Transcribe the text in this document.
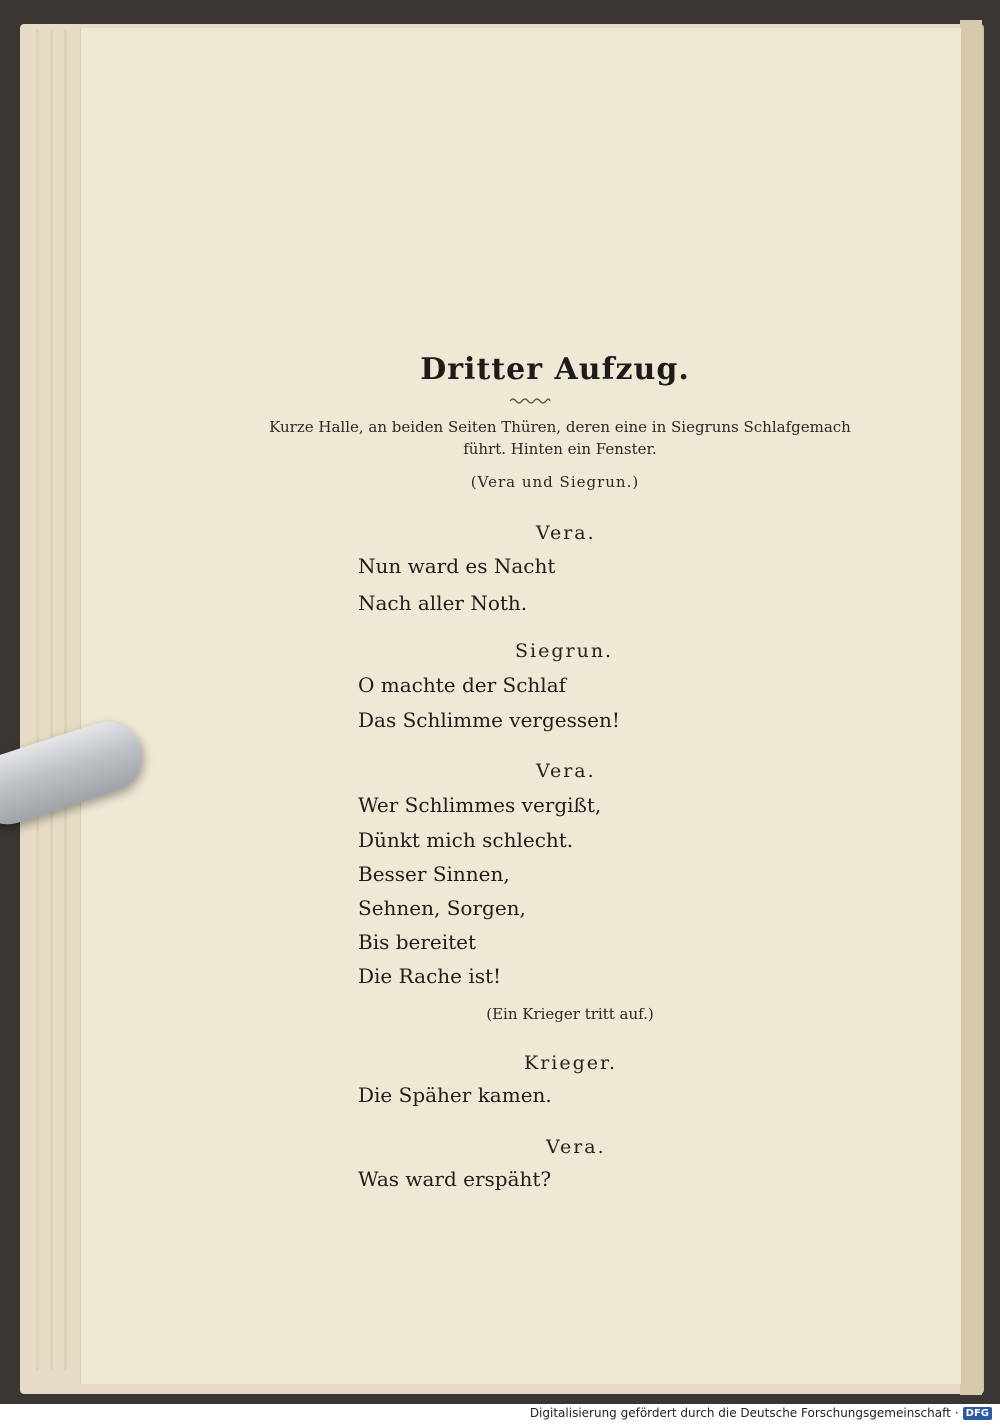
Dritter Aufzug.
Kurze Halle, an beiden Seiten Thüren, deren eine in Siegruns Schlafgemach
führt. Hinten ein Fenster.
(Vera und Siegrun.)
Vera.
Nun ward es Nacht
Nach aller Noth.
Siegrun.
O machte der Schlaf
Das Schlimme vergessen!
Vera.
Wer Schlimmes vergißt,
Dünkt mich schlecht.
Besser Sinnen,
Sehnen, Sorgen,
Bis bereitet
Die Rache ist!
(Ein Krieger tritt auf.)
Krieger.
Die Späher kamen.
Vera.
Was ward erspäht?
Digitalisierung gefördert durch die Deutsche Forschungsgemeinschaft · DFG
